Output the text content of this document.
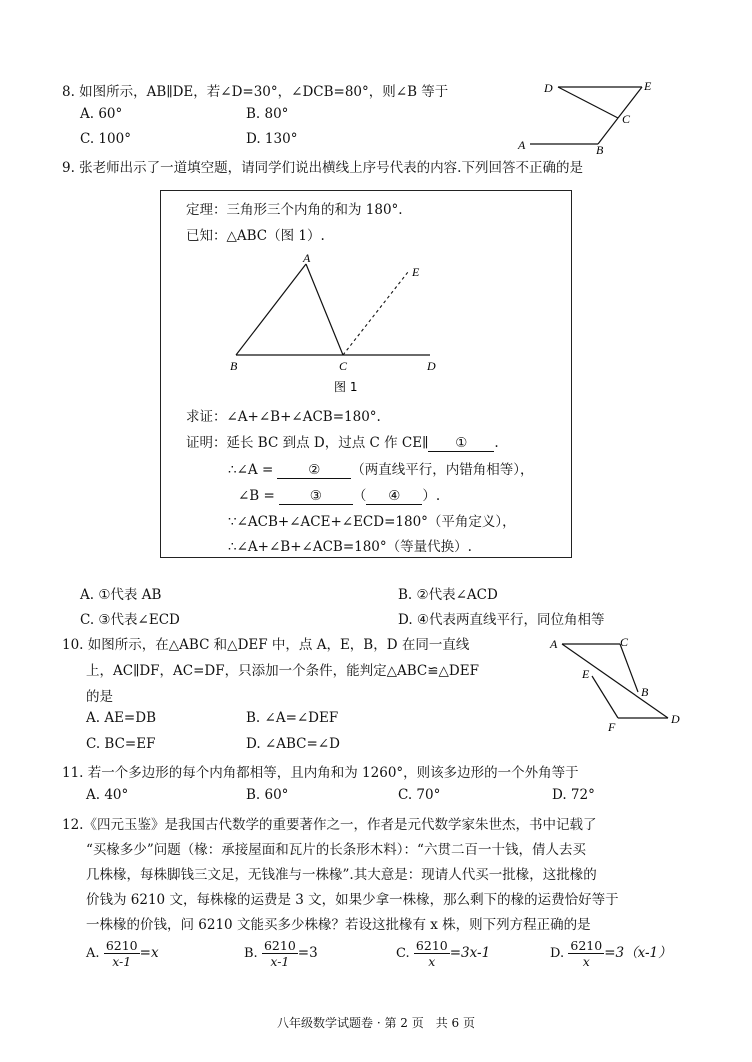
8. 如图所示，AB∥DE，若∠D=30°，∠DCB=80°，则∠B 等于
A. 60°	B. 80°
C. 100°	D. 130°
D	E
C
A	B
9. 张老师出示了一道填空题，请同学们说出横线上序号代表的内容.下列回答不正确的是
定理：三角形三个内角的和为 180°.
已知：△ABC（图 1）.
A
E
B	C	D
图 1
求证：∠A+∠B+∠ACB=180°.
证明：延长 BC 到点 D，过点 C 作 CE∥ ① .
∴∠A =	② （两直线平行，内错角相等），
∠B =	③ （ ④ ）.
∵∠ACB+∠ACE+∠ECD=180°（平角定义），
∴∠A+∠B+∠ACB=180°（等量代换）.
A. ①代表 AB	B. ②代表∠ACD
C. ③代表∠ECD	D. ④代表两直线平行，同位角相等
10. 如图所示，在△ABC 和△DEF 中，点 A，E，B，D 在同一直线
上，AC∥DF，AC=DF，只添加一个条件，能判定△ABC≌△DEF
的是
A. AE=DB	B. ∠A=∠DEF
C. BC=EF	D. ∠ABC=∠D
A	C
E
B
F
D
11. 若一个多边形的每个内角都相等，且内角和为 1260°，则该多边形的一个外角等于
A. 40°	B. 60°	C. 70°	D. 72°
12.《四元玉鉴》是我国古代数学的重要著作之一，作者是元代数学家朱世杰，书中记载了
“买椽多少”问题（椽：承接屋面和瓦片的长条形木料）：“六贯二百一十钱，倩人去买
几株椽，每株脚钱三文足，无钱准与一株椽”.其大意是：现请人代买一批椽，这批椽的
价钱为 6210 文，每株椽的运费是 3 文，如果少拿一株椽，那么剩下的椽的运费恰好等于
一株椽的价钱，问 6210 文能买多少株椽？若设这批椽有 x 株，则下列方程正确的是
A. $\frac{6210}{x-1} =x$	B. $\frac{6210}{x-1} =3$	C. $\frac{6210}{x} =3x-1$	D. $\frac{6210}{x} =3(x-1)$
八年级数学试题卷 · 第 2 页　共 6 页
